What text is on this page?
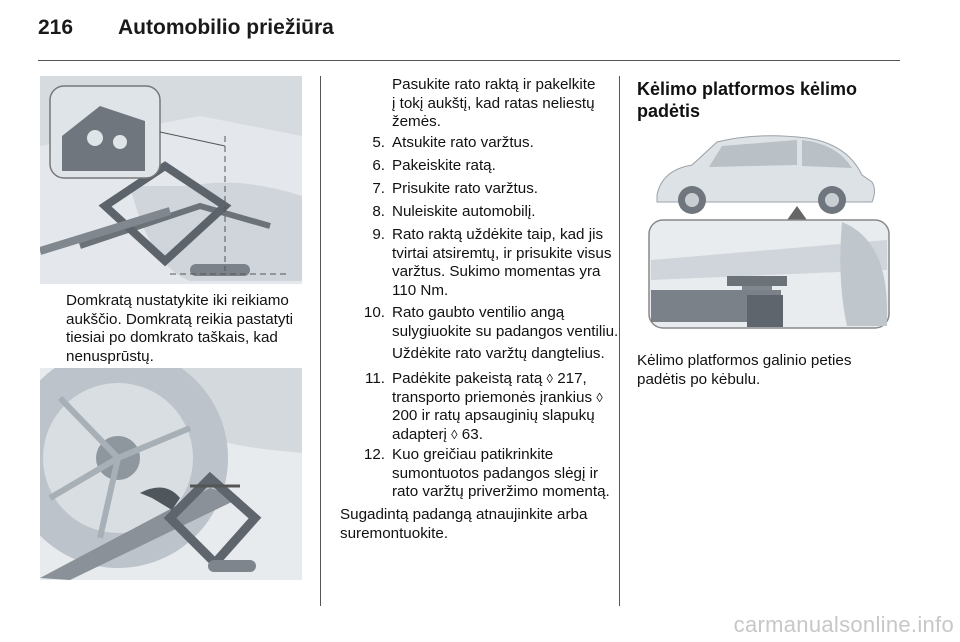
216 Automobilio priežiūra
Domkratą nustatykite iki reikiamo aukščio. Domkratą reikia pastatyti tiesiai po domkrato taškais, kad nenusprūstų.
Pasukite rato raktą ir pakelkite į tokį aukštį, kad ratas neliestų žemės.
5. Atsukite rato varžtus.
6. Pakeiskite ratą.
7. Prisukite rato varžtus.
8. Nuleiskite automobilį.
9. Rato raktą uždėkite taip, kad jis tvirtai atsiremtų, ir prisukite visus varžtus. Sukimo momentas yra 110 Nm.
10. Rato gaubto ventilio angą sulygiuokite su padangos ventiliu.
Uždėkite rato varžtų dangtelius.
11. Padėkite pakeistą ratą ◊ 217, transporto priemonės įrankius ◊ 200 ir ratų apsauginių slapukų adapterį ◊ 63.
12. Kuo greičiau patikrinkite sumontuotos padangos slėgį ir rato varžtų priveržimo momentą.
Sugadintą padangą atnaujinkite arba suremontuokite.
Kėlimo platformos kėlimo padėtis
Kėlimo platformos galinio peties padėtis po kėbulu.
carmanualsonline.info
